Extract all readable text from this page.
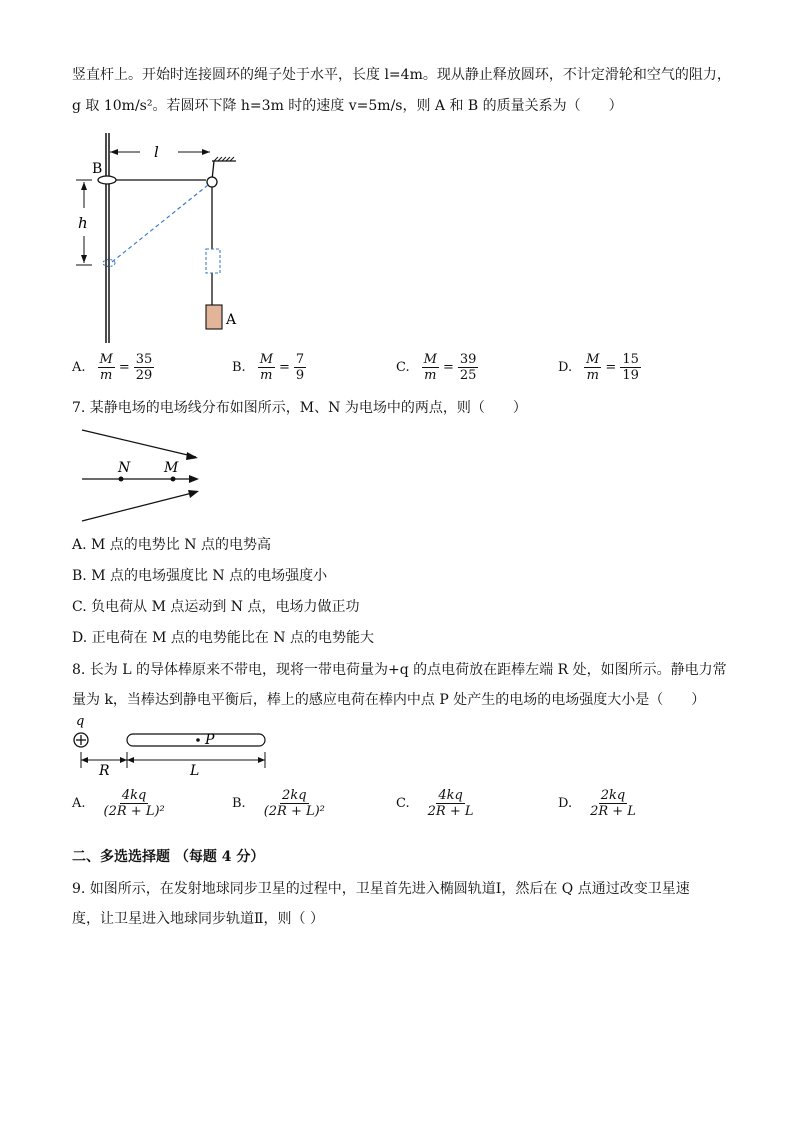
竖直杆上。开始时连接圆环的绳子处于水平，长度 l=4m。现从静止释放圆环，不计定滑轮和空气的阻力，
g 取 10m/s²。若圆环下降 h=3m 时的速度 v=5m/s，则 A 和 B 的质量关系为（　　）
B
A
l
h
A. $\frac{M}{m} = \frac{35}{29}$	B. $\frac{M}{m} = \frac{7}{9}$	C. $\frac{M}{m} = \frac{39}{25}$	D. $\frac{M}{m} = \frac{15}{19}$
7. 某静电场的电场线分布如图所示，M、N 为电场中的两点，则（　　）
N M
A. M 点的电势比 N 点的电势高
B. M 点的电场强度比 N 点的电场强度小
C. 负电荷从 M 点运动到 N 点，电场力做正功
D. 正电荷在 M 点的电势能比在 N 点的电势能大
8. 长为 L 的导体棒原来不带电，现将一带电荷量为+q 的点电荷放在距棒左端 R 处，如图所示。静电力常
量为 k，当棒达到静电平衡后，棒上的感应电荷在棒内中点 P 处产生的电场的电场强度大小是（　　）
q
P
R	L
A. $\frac{4kq}{\text{(2R + L)²}}$	B. $\frac{2kq}{\text{(2R + L)²}}$	C. $\frac{4kq}{2R + L}$	D. $\frac{2kq}{2R + L}$
二、多选选择题 （每题 4 分）
9. 如图所示，在发射地球同步卫星的过程中，卫星首先进入椭圆轨道Ⅰ，然后在 Q 点通过改变卫星速
度，让卫星进入地球同步轨道Ⅱ，则（ ）
